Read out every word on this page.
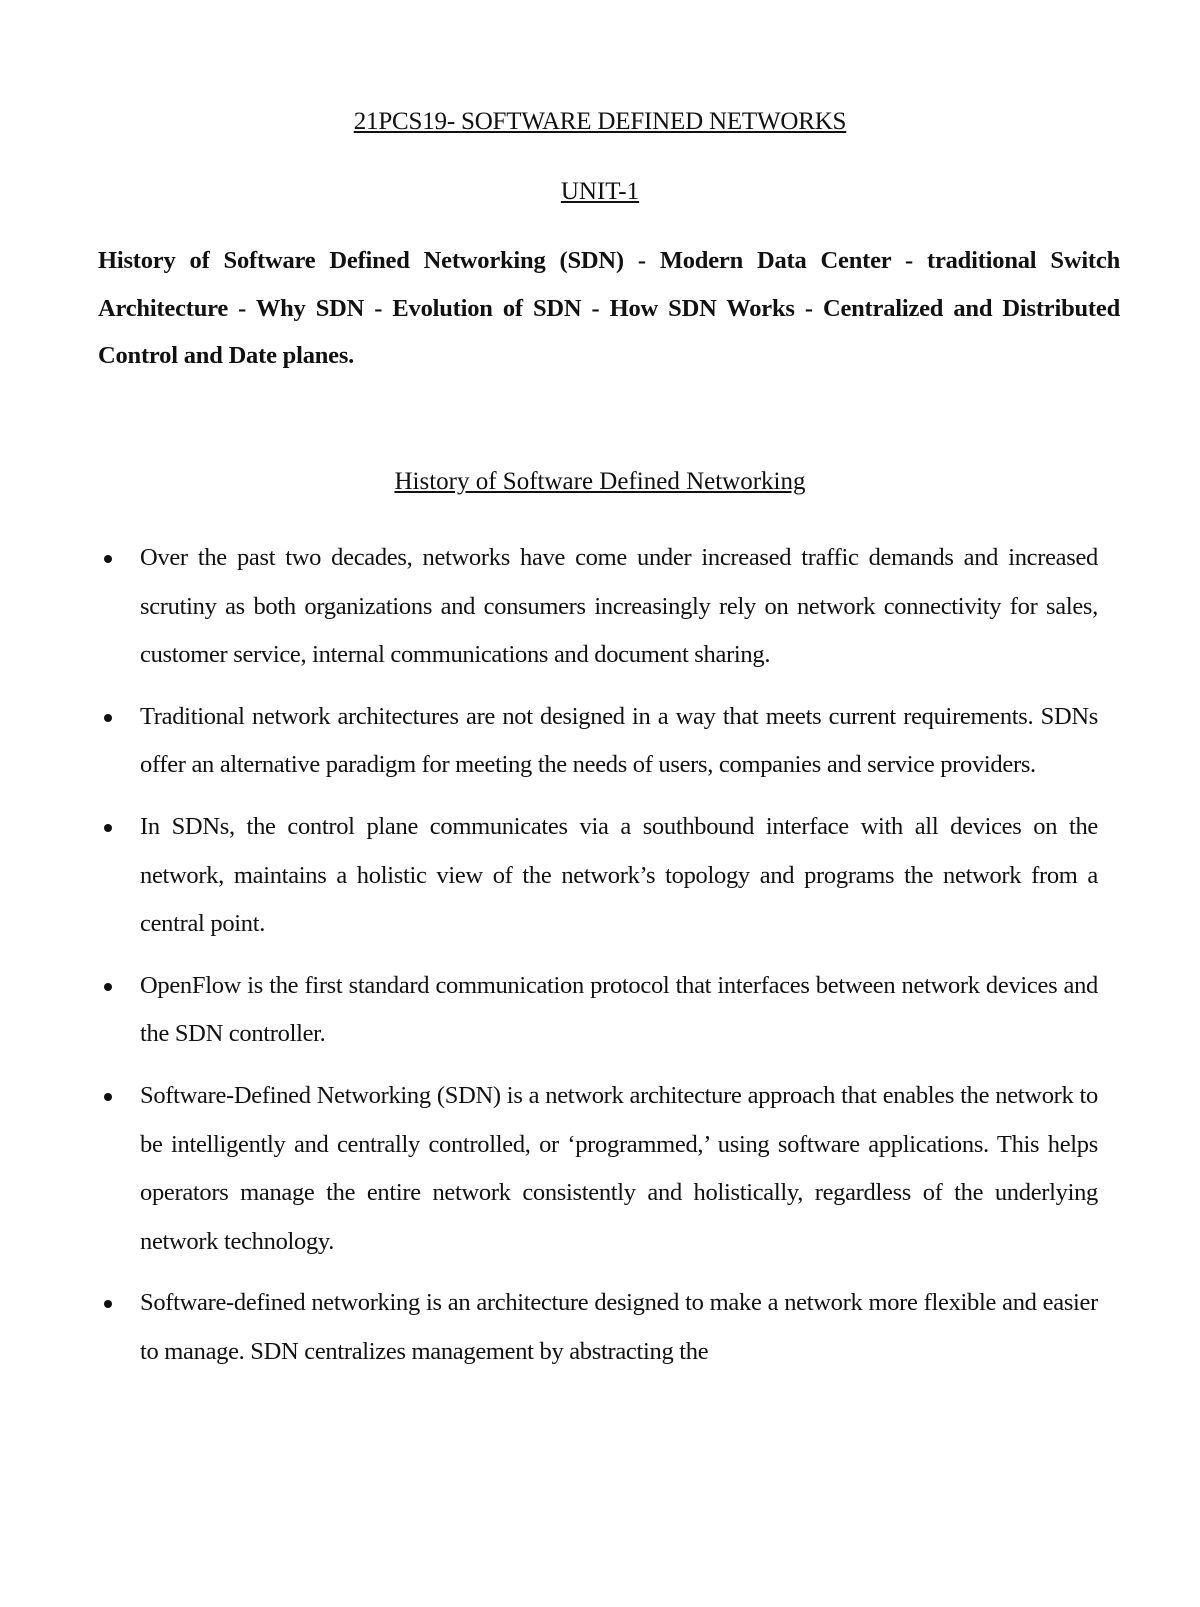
21PCS19- SOFTWARE DEFINED NETWORKS
UNIT-1
History of Software Defined Networking (SDN) - Modern Data Center - traditional Switch Architecture - Why SDN - Evolution of SDN - How SDN Works - Centralized and Distributed Control and Date planes.
History of Software Defined Networking
Over the past two decades, networks have come under increased traffic demands and increased scrutiny as both organizations and consumers increasingly rely on network connectivity for sales, customer service, internal communications and document sharing.
Traditional network architectures are not designed in a way that meets current requirements. SDNs offer an alternative paradigm for meeting the needs of users, companies and service providers.
In SDNs, the control plane communicates via a southbound interface with all devices on the network, maintains a holistic view of the network’s topology and programs the network from a central point.
OpenFlow is the first standard communication protocol that interfaces between network devices and the SDN controller.
Software-Defined Networking (SDN) is a network architecture approach that enables the network to be intelligently and centrally controlled, or ‘programmed,’ using software applications. This helps operators manage the entire network consistently and holistically, regardless of the underlying network technology.
Software-defined networking is an architecture designed to make a network more flexible and easier to manage. SDN centralizes management by abstracting the
